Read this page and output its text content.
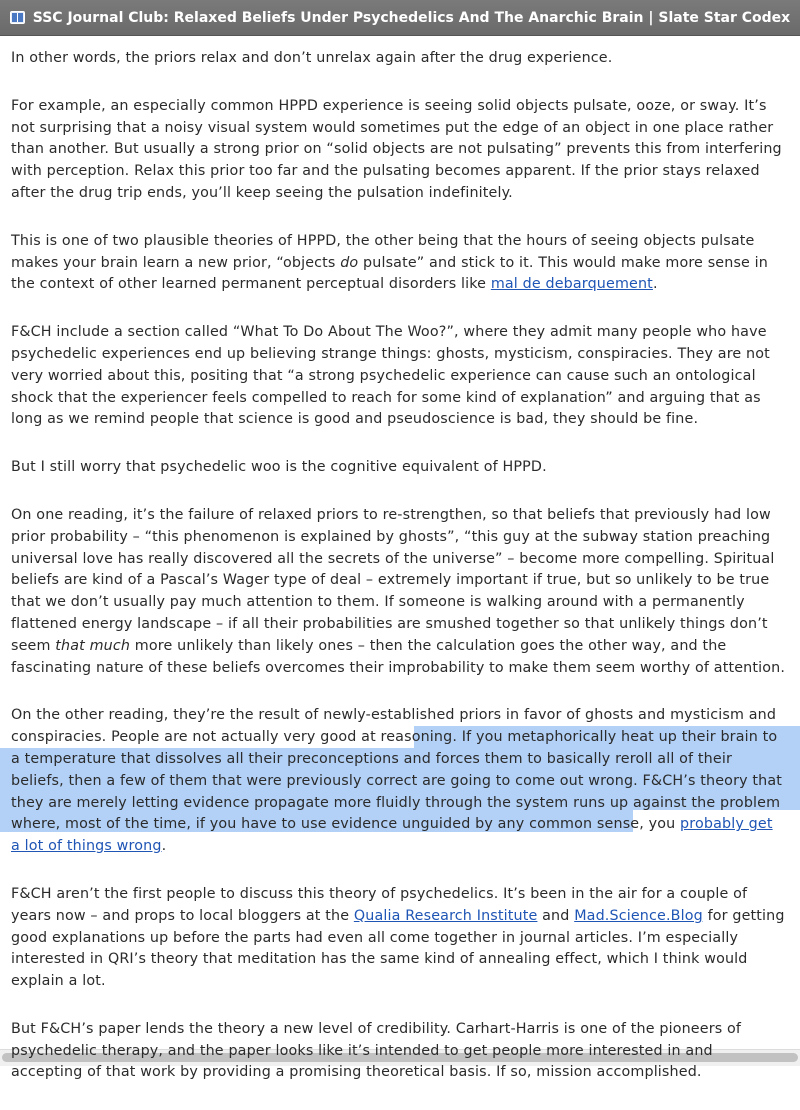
SSC Journal Club: Relaxed Beliefs Under Psychedelics And The Anarchic Brain | Slate Star Codex

In other words, the priors relax and don’t unrelax again after the drug experience.

For example, an especially common HPPD experience is seeing solid objects pulsate, ooze, or sway. It’s not surprising that a noisy visual system would sometimes put the edge of an object in one place rather than another. But usually a strong prior on “solid objects are not pulsating” prevents this from interfering with perception. Relax this prior too far and the pulsating becomes apparent. If the prior stays relaxed after the drug trip ends, you’ll keep seeing the pulsation indefinitely.

This is one of two plausible theories of HPPD, the other being that the hours of seeing objects pulsate makes your brain learn a new prior, “objects do pulsate” and stick to it. This would make more sense in the context of other learned permanent perceptual disorders like mal de debarquement.

F&CH include a section called “What To Do About The Woo?”, where they admit many people who have psychedelic experiences end up believing strange things: ghosts, mysticism, conspiracies. They are not very worried about this, positing that “a strong psychedelic experience can cause such an ontological shock that the experiencer feels compelled to reach for some kind of explanation” and arguing that as long as we remind people that science is good and pseudoscience is bad, they should be fine.

But I still worry that psychedelic woo is the cognitive equivalent of HPPD.

On one reading, it’s the failure of relaxed priors to re-strengthen, so that beliefs that previously had low prior probability – “this phenomenon is explained by ghosts”, “this guy at the subway station preaching universal love has really discovered all the secrets of the universe” – become more compelling. Spiritual beliefs are kind of a Pascal’s Wager type of deal – extremely important if true, but so unlikely to be true that we don’t usually pay much attention to them. If someone is walking around with a permanently flattened energy landscape – if all their probabilities are smushed together so that unlikely things don’t seem that much more unlikely than likely ones – then the calculation goes the other way, and the fascinating nature of these beliefs overcomes their improbability to make them seem worthy of attention.

On the other reading, they’re the result of newly-established priors in favor of ghosts and mysticism and conspiracies. People are not actually very good at reasoning. If you metaphorically heat up their brain to a temperature that dissolves all their preconceptions and forces them to basically reroll all of their beliefs, then a few of them that were previously correct are going to come out wrong. F&CH’s theory that they are merely letting evidence propagate more fluidly through the system runs up against the problem where, most of the time, if you have to use evidence unguided by any common sense, you probably get a lot of things wrong.

F&CH aren’t the first people to discuss this theory of psychedelics. It’s been in the air for a couple of years now – and props to local bloggers at the Qualia Research Institute and Mad.Science.Blog for getting good explanations up before the parts had even all come together in journal articles. I’m especially interested in QRI’s theory that meditation has the same kind of annealing effect, which I think would explain a lot.

But F&CH’s paper lends the theory a new level of credibility. Carhart-Harris is one of the pioneers of psychedelic therapy, and the paper looks like it’s intended to get people more interested in and accepting of that work by providing a promising theoretical basis. If so, mission accomplished.
